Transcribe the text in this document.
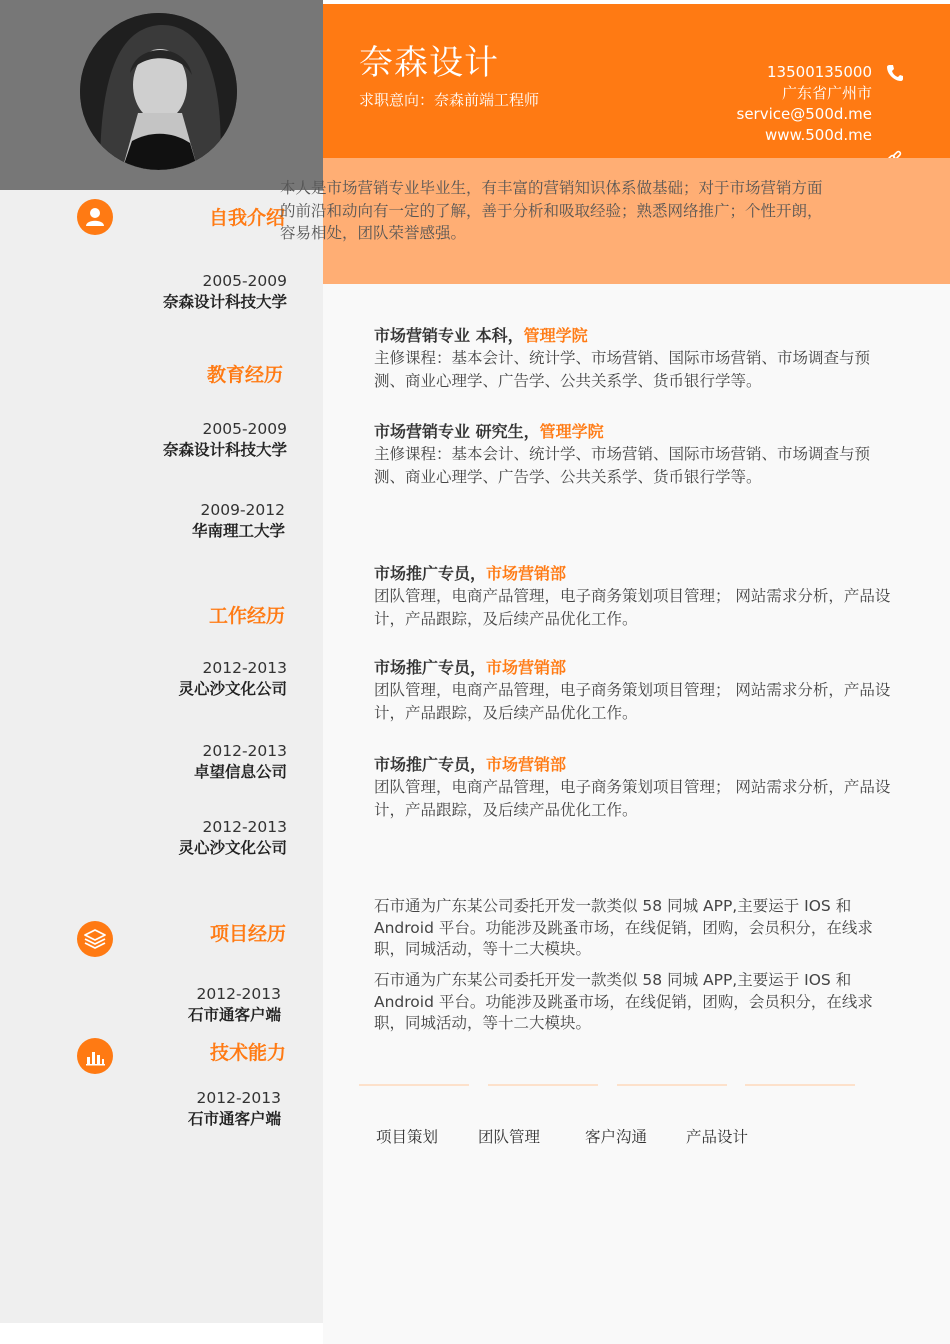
奈森设计
求职意向：奈森前端工程师
13500135000
广东省广州市
service@500d.me
www.500d.me
自我介绍
本人是市场营销专业毕业生，有丰富的营销知识体系做基础；对于市场营销方面的前沿和动向有一定的了解，善于分析和吸取经验；熟悉网络推广；个性开朗，容易相处，团队荣誉感强。
2005-2009
奈森设计科技大学
教育经历
2005-2009
奈森设计科技大学
2009-2012
华南理工大学
市场营销专业 本科，管理学院
主修课程：基本会计、统计学、市场营销、国际市场营销、市场调查与预测、商业心理学、广告学、公共关系学、货币银行学等。
市场营销专业 研究生，管理学院
主修课程：基本会计、统计学、市场营销、国际市场营销、市场调查与预测、商业心理学、广告学、公共关系学、货币银行学等。
工作经历
2012-2013
灵心沙文化公司
2012-2013
卓望信息公司
2012-2013
灵心沙文化公司
市场推广专员，市场营销部
团队管理，电商产品管理，电子商务策划项目管理； 网站需求分析，产品设计，产品跟踪，及后续产品优化工作。
市场推广专员，市场营销部
团队管理，电商产品管理，电子商务策划项目管理； 网站需求分析，产品设计，产品跟踪，及后续产品优化工作。
市场推广专员，市场营销部
团队管理，电商产品管理，电子商务策划项目管理； 网站需求分析，产品设计，产品跟踪，及后续产品优化工作。
项目经历
2012-2013
石市通客户端
石市通为广东某公司委托开发一款类似 58 同城 APP,主要运于 IOS 和 Android 平台。功能涉及跳蚤市场，在线促销，团购，会员积分，在线求职，同城活动，等十二大模块。
石市通为广东某公司委托开发一款类似 58 同城 APP,主要运于 IOS 和 Android 平台。功能涉及跳蚤市场，在线促销，团购，会员积分，在线求职，同城活动，等十二大模块。
技术能力
2012-2013
石市通客户端
项目策划	团队管理	客户沟通	产品设计
